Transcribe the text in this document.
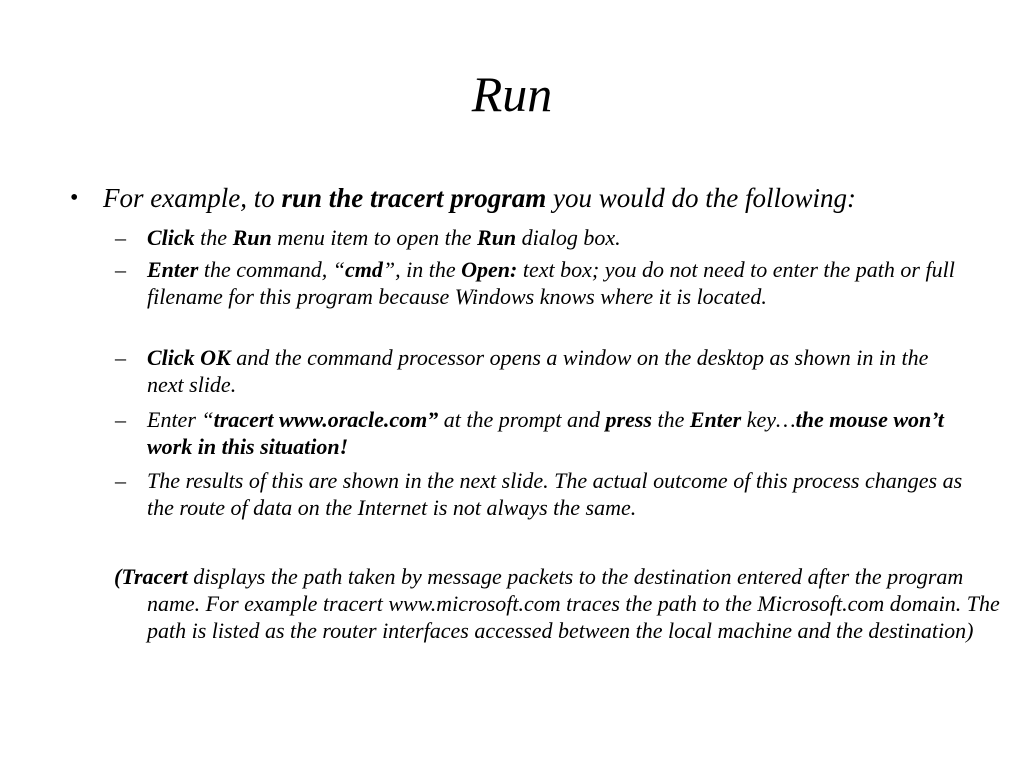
Run
• For example, to run the tracert program you would do the following:
– Click the Run menu item to open the Run dialog box.
– Enter the command, “cmd”, in the Open: text box; you do not need to enter the path or full filename for this program because Windows knows where it is located.
– Click OK and the command processor opens a window on the desktop as shown in in the next slide.
– Enter “tracert www.oracle.com” at the prompt and press the Enter key…the mouse won’t work in this situation!
– The results of this are shown in the next slide. The actual outcome of this process changes as the route of data on the Internet is not always the same.
(Tracert displays the path taken by message packets to the destination entered after the program name. For example tracert www.microsoft.com traces the path to the Microsoft.com domain. The path is listed as the router interfaces accessed between the local machine and the destination)
